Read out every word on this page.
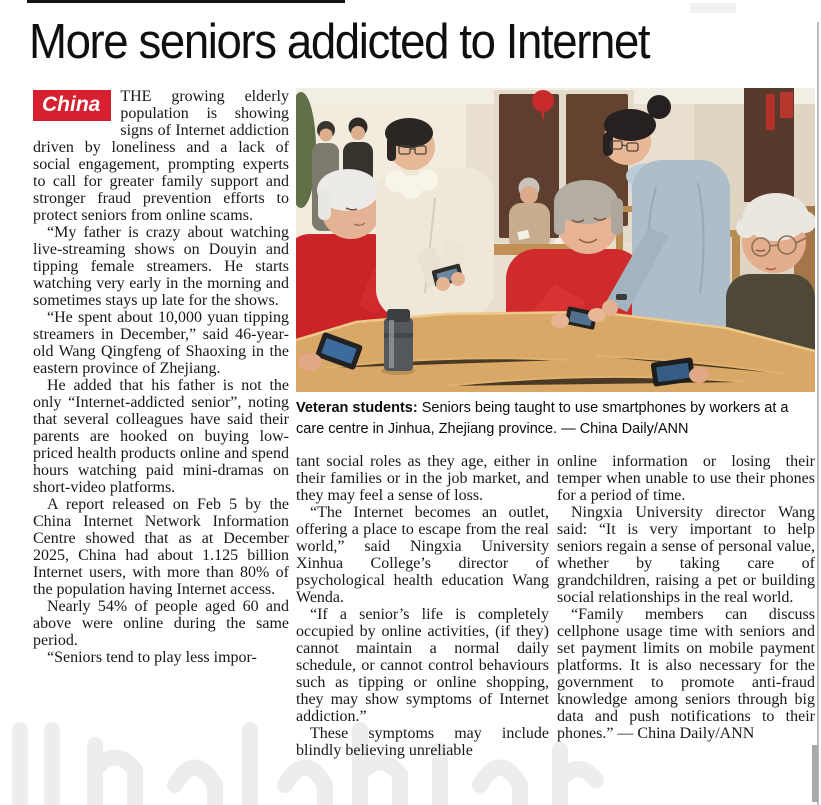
More seniors addicted to Internet

Veteran students: Seniors being taught to use smartphones by workers at a care centre in Jinhua, Zhejiang province. — China Daily/ANN

China	THE growing elderly population is showing signs of Internet addiction driven by loneliness and a lack of social engagement, prompting experts to call for greater family support and stronger fraud prevention efforts to protect seniors from online scams.

“My father is crazy about watching live-streaming shows on Douyin and tipping female streamers. He starts watching very early in the morning and sometimes stays up late for the shows.

“He spent about 10,000 yuan tipping streamers in December,” said 46-year-old Wang Qingfeng of Shaoxing in the eastern province of Zhejiang.

He added that his father is not the only “Internet-addicted senior”, noting that several colleagues have said their parents are hooked on buying low-priced health products online and spend hours watching paid mini-dramas on short-video platforms.

A report released on Feb 5 by the China Internet Network Information Centre showed that as at December 2025, China had about 1.125 billion Internet users, with more than 80% of the population having Internet access.

Nearly 54% of people aged 60 and above were online during the same period.

“Seniors tend to play less impor-

tant social roles as they age, either in their families or in the job market, and they may feel a sense of loss.

“The Internet becomes an outlet, offering a place to escape from the real world,” said Ningxia University Xinhua College’s director of psychological health education Wang Wenda.

“If a senior’s life is completely occupied by online activities, (if they) cannot maintain a normal daily schedule, or cannot control behaviours such as tipping or online shopping, they may show symptoms of Internet addiction.”

These symptoms may include blindly believing unreliable

online information or losing their temper when unable to use their phones for a period of time.

Ningxia University director Wang said: “It is very important to help seniors regain a sense of personal value, whether by taking care of grandchildren, raising a pet or building social relationships in the real world.

“Family members can discuss cellphone usage time with seniors and set payment limits on mobile payment platforms. It is also necessary for the government to promote anti-fraud knowledge among seniors through big data and push notifications to their phones.” — China Daily/ANN
